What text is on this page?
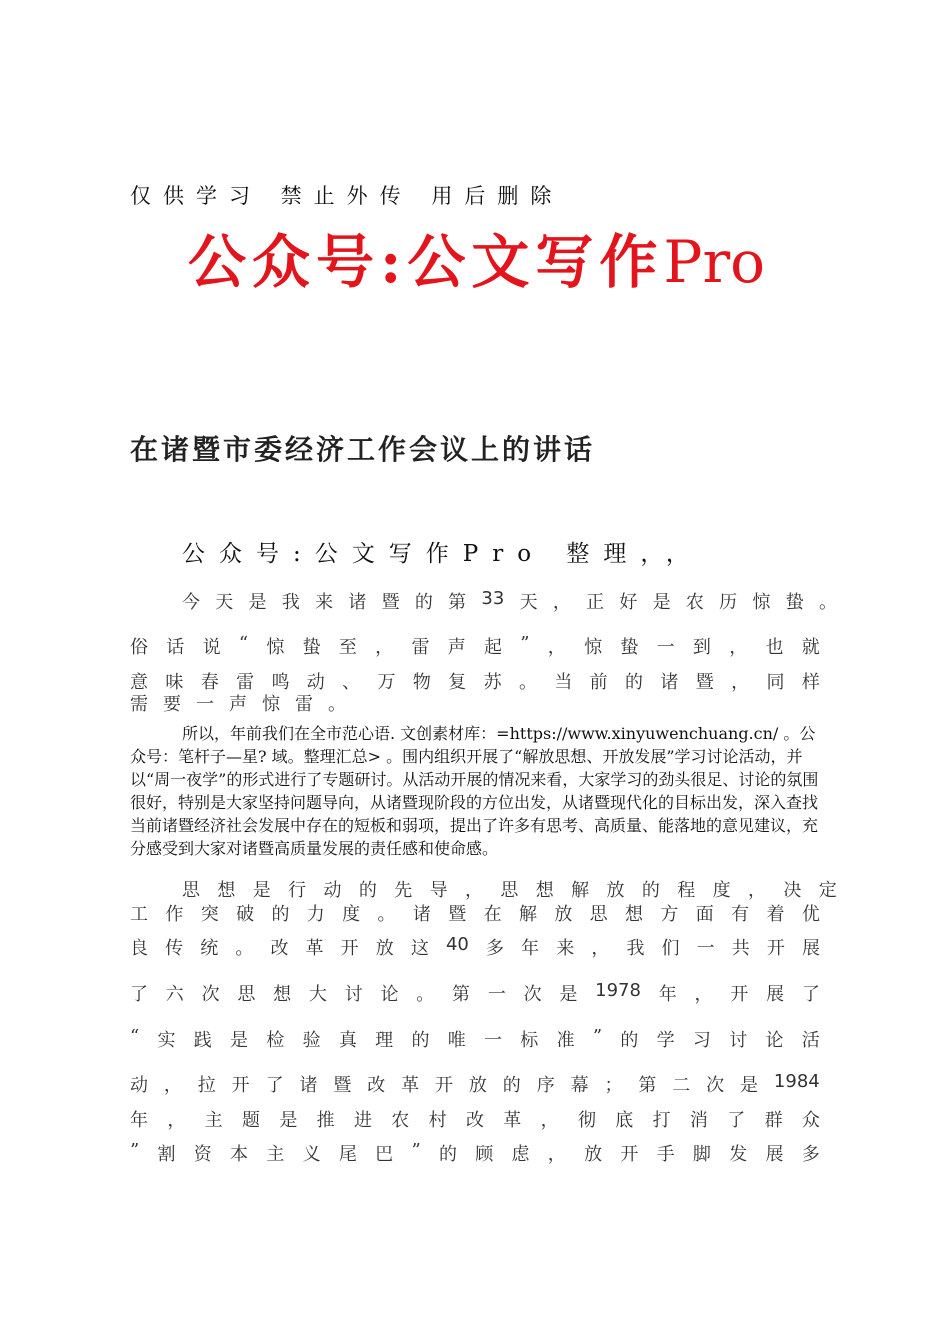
仅供学习 禁止外传 用后删除
公众号:公文写作Pro
在诸暨市委经济工作会议上的讲话
公众号:公文写作Pro 整理，，
今 天 是 我 来 诸 暨 的 第 33 天 ， 正 好 是 农 历 惊 蛰 。
俗 话 说 “ 惊 蛰 至 ， 雷 声 起 ” ， 惊 蛰 一 到 ， 也 就
意 味 春 雷 鸣 动 、 万 物 复 苏 。 当 前 的 诸 暨 ， 同 样
需 要 一 声 惊 雷 。
所以，年前我们在全市范心语. 文创素材库：=https://www.xinyuwenchuang.cn/ 。公众号：笔杆子—星? 域。整理汇总> 。围内组织开展了“解放思想、开放发展”学习讨论活动，并以“周一夜学”的形式进行了专题研讨。从活动开展的情况来看，大家学习的劲头很足、讨论的氛围很好，特别是大家坚持问题导向，从诸暨现阶段的方位出发，从诸暨现代化的目标出发，深入查找当前诸暨经济社会发展中存在的短板和弱项，提出了许多有思考、高质量、能落地的意见建议，充分感受到大家对诸暨高质量发展的责任感和使命感。
思 想 是 行 动 的 先 导 ， 思 想 解 放 的 程 度 ， 决 定
工 作 突 破 的 力 度 。 诸 暨 在 解 放 思 想 方 面 有 着 优
良 传 统 。 改 革 开 放 这 40 多 年 来 ， 我 们 一 共 开 展
了 六 次 思 想 大 讨 论 。 第 一 次 是 1978 年 ， 开 展 了
“ 实 践 是 检 验 真 理 的 唯 一 标 准 ” 的 学 习 讨 论 活
动 ， 拉 开 了 诸 暨 改 革 开 放 的 序 幕 ； 第 二 次 是 1984
年 ， 主 题 是 推 进 农 村 改 革 ， 彻 底 打 消 了 群 众
” 割 资 本 主 义 尾 巴 ” 的 顾 虑 ， 放 开 手 脚 发 展 多
